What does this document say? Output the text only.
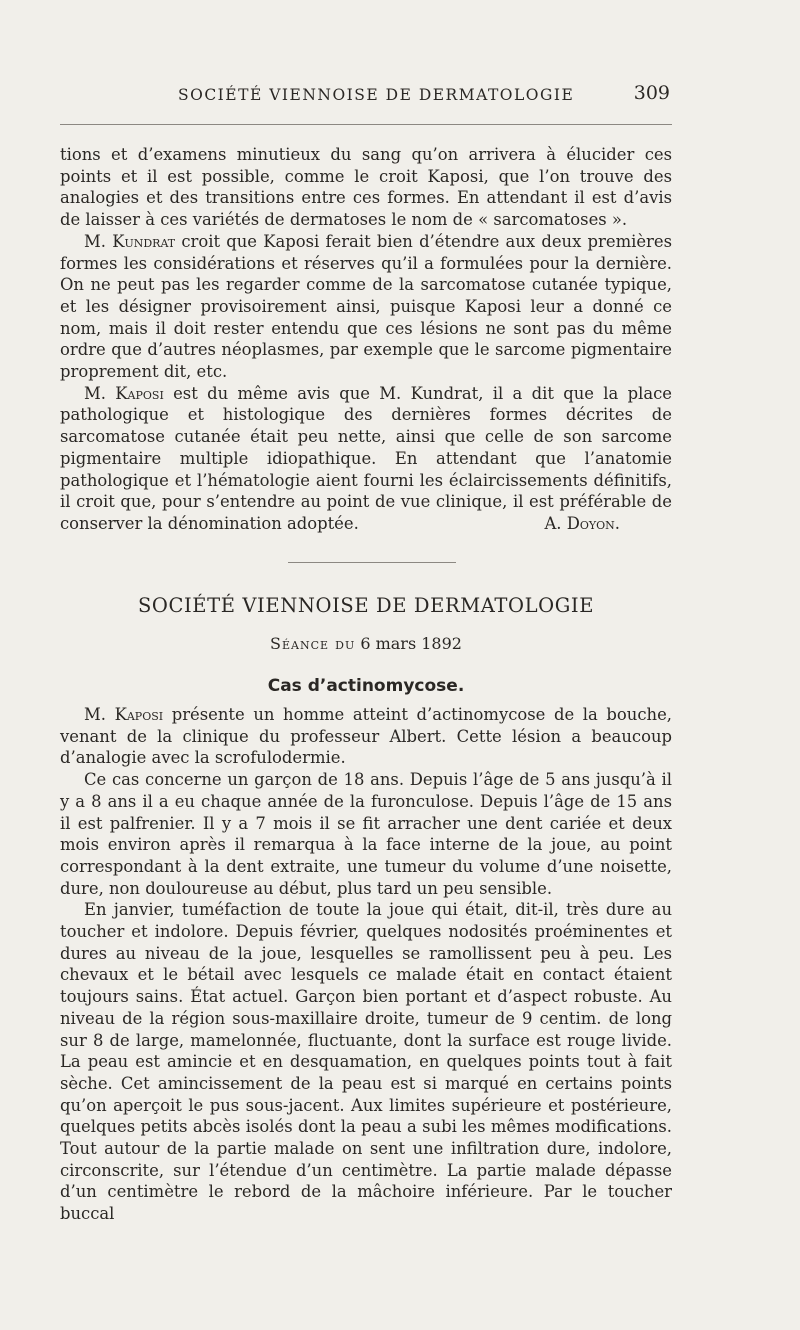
SOCIÉTÉ VIENNOISE DE DERMATOLOGIE	309

tions et d’examens minutieux du sang qu’on arrivera à élucider ces points et il est possible, comme le croit Kaposi, que l’on trouve des analogies et des transitions entre ces formes. En attendant il est d’avis de laisser à ces variétés de dermatoses le nom de « sarcomatoses ».

M. Kundrat croit que Kaposi ferait bien d’étendre aux deux premières formes les considérations et réserves qu’il a formulées pour la dernière. On ne peut pas les regarder comme de la sarcomatose cutanée typique, et les désigner provisoirement ainsi, puisque Kaposi leur a donné ce nom, mais il doit rester entendu que ces lésions ne sont pas du même ordre que d’autres néoplasmes, par exemple que le sarcome pigmentaire proprement dit, etc.

M. Kaposi est du même avis que M. Kundrat, il a dit que la place pathologique et histologique des dernières formes décrites de sarcomatose cutanée était peu nette, ainsi que celle de son sarcome pigmentaire multiple idiopathique. En attendant que l’anatomie pathologique et l’hématologie aient fourni les éclaircissements définitifs, il croit que, pour s’entendre au point de vue clinique, il est préférable de conserver la dénomination adoptée.	A. Doyon.

SOCIÉTÉ VIENNOISE DE DERMATOLOGIE
Séance du 6 mars 1892
Cas d’actinomycose.

M. Kaposi présente un homme atteint d’actinomycose de la bouche, venant de la clinique du professeur Albert. Cette lésion a beaucoup d’analogie avec la scrofulodermie.

Ce cas concerne un garçon de 18 ans. Depuis l’âge de 5 ans jusqu’à il y a 8 ans il a eu chaque année de la furonculose. Depuis l’âge de 15 ans il est palfrenier. Il y a 7 mois il se fit arracher une dent cariée et deux mois environ après il remarqua à la face interne de la joue, au point correspondant à la dent extraite, une tumeur du volume d’une noisette, dure, non douloureuse au début, plus tard un peu sensible.

En janvier, tuméfaction de toute la joue qui était, dit-il, très dure au toucher et indolore. Depuis février, quelques nodosités proéminentes et dures au niveau de la joue, lesquelles se ramollissent peu à peu. Les chevaux et le bétail avec lesquels ce malade était en contact étaient toujours sains. État actuel. Garçon bien portant et d’aspect robuste. Au niveau de la région sous-maxillaire droite, tumeur de 9 centim. de long sur 8 de large, mamelonnée, fluctuante, dont la surface est rouge livide. La peau est amincie et en desquamation, en quelques points tout à fait sèche. Cet amincissement de la peau est si marqué en certains points qu’on aperçoit le pus sous-jacent. Aux limites supérieure et postérieure, quelques petits abcès isolés dont la peau a subi les mêmes modifications. Tout autour de la partie malade on sent une infiltration dure, indolore, circonscrite, sur l’étendue d’un centimètre. La partie malade dépasse d’un centimètre le rebord de la mâchoire inférieure. Par le toucher buccal
